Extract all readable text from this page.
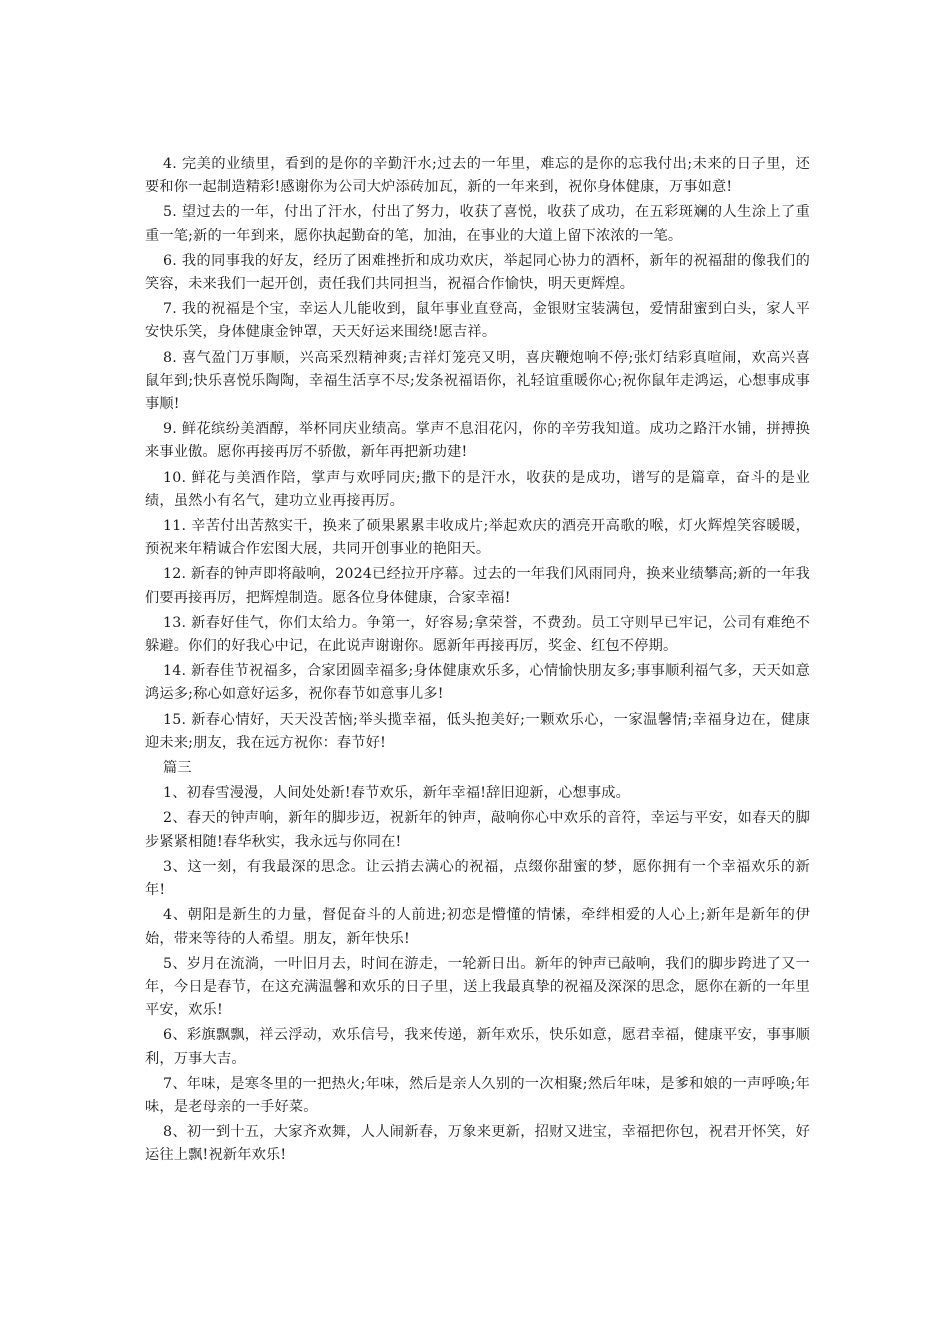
4. 完美的业绩里，看到的是你的辛勤汗水;过去的一年里，难忘的是你的忘我付出;未来的日子里，还要和你一起制造精彩!感谢你为公司大炉添砖加瓦，新的一年来到，祝你身体健康，万事如意!

5. 望过去的一年，付出了汗水，付出了努力，收获了喜悦，收获了成功，在五彩斑斓的人生涂上了重重一笔;新的一年到来，愿你执起勤奋的笔，加油，在事业的大道上留下浓浓的一笔。

6. 我的同事我的好友，经历了困难挫折和成功欢庆，举起同心协力的酒杯，新年的祝福甜的像我们的笑容，未来我们一起开创，责任我们共同担当，祝福合作愉快，明天更辉煌。

7. 我的祝福是个宝，幸运人儿能收到，鼠年事业直登高，金银财宝装满包，爱情甜蜜到白头，家人平安快乐笑，身体健康金钟罩，天天好运来围绕!愿吉祥。

8. 喜气盈门万事顺，兴高采烈精神爽;吉祥灯笼亮又明，喜庆鞭炮响不停;张灯结彩真喧闹，欢高兴喜鼠年到;快乐喜悦乐陶陶，幸福生活享不尽;发条祝福语你，礼轻谊重暖你心;祝你鼠年走鸿运，心想事成事事顺!

9. 鲜花缤纷美酒醇，举杯同庆业绩高。掌声不息泪花闪，你的辛劳我知道。成功之路汗水铺，拼搏换来事业傲。愿你再接再厉不骄傲，新年再把新功建!

10. 鲜花与美酒作陪，掌声与欢呼同庆;撒下的是汗水，收获的是成功，谱写的是篇章，奋斗的是业绩，虽然小有名气，建功立业再接再厉。

11. 辛苦付出苦熬实干，换来了硕果累累丰收成片;举起欢庆的酒亮开高歌的喉，灯火辉煌笑容暖暖，预祝来年精诚合作宏图大展，共同开创事业的艳阳天。

12. 新春的钟声即将敲响，2024已经拉开序幕。过去的一年我们风雨同舟，换来业绩攀高;新的一年我们要再接再厉，把辉煌制造。愿各位身体健康，合家幸福!

13. 新春好佳气，你们太给力。争第一，好容易;拿荣誉，不费劲。员工守则早已牢记，公司有难绝不躲避。你们的好我心中记，在此说声谢谢你。愿新年再接再厉，奖金、红包不停期。

14. 新春佳节祝福多，合家团圆幸福多;身体健康欢乐多，心情愉快朋友多;事事顺利福气多，天天如意鸿运多;称心如意好运多，祝你春节如意事儿多!

15. 新春心情好，天天没苦恼;举头揽幸福，低头抱美好;一颗欢乐心，一家温馨情;幸福身边在，健康迎未来;朋友，我在远方祝你：春节好!

篇三

1、初春雪漫漫，人间处处新!春节欢乐，新年幸福!辞旧迎新，心想事成。

2、春天的钟声响，新年的脚步迈，祝新年的钟声，敲响你心中欢乐的音符，幸运与平安，如春天的脚步紧紧相随!春华秋实，我永远与你同在!

3、这一刻，有我最深的思念。让云捎去满心的祝福，点缀你甜蜜的梦，愿你拥有一个幸福欢乐的新年!

4、朝阳是新生的力量，督促奋斗的人前进;初恋是懵懂的情愫，牵绊相爱的人心上;新年是新年的伊始，带来等待的人希望。朋友，新年快乐!

5、岁月在流淌，一叶旧月去，时间在游走，一轮新日出。新年的钟声已敲响，我们的脚步跨进了又一年，今日是春节，在这充满温馨和欢乐的日子里，送上我最真挚的祝福及深深的思念，愿你在新的一年里平安，欢乐!

6、彩旗飘飘，祥云浮动，欢乐信号，我来传递，新年欢乐，快乐如意，愿君幸福，健康平安，事事顺利，万事大吉。

7、年味，是寒冬里的一把热火;年味，然后是亲人久别的一次相聚;然后年味，是爹和娘的一声呼唤;年味，是老母亲的一手好菜。

8、初一到十五，大家齐欢舞，人人闹新春，万象来更新，招财又进宝，幸福把你包，祝君开怀笑，好运往上飘!祝新年欢乐!
